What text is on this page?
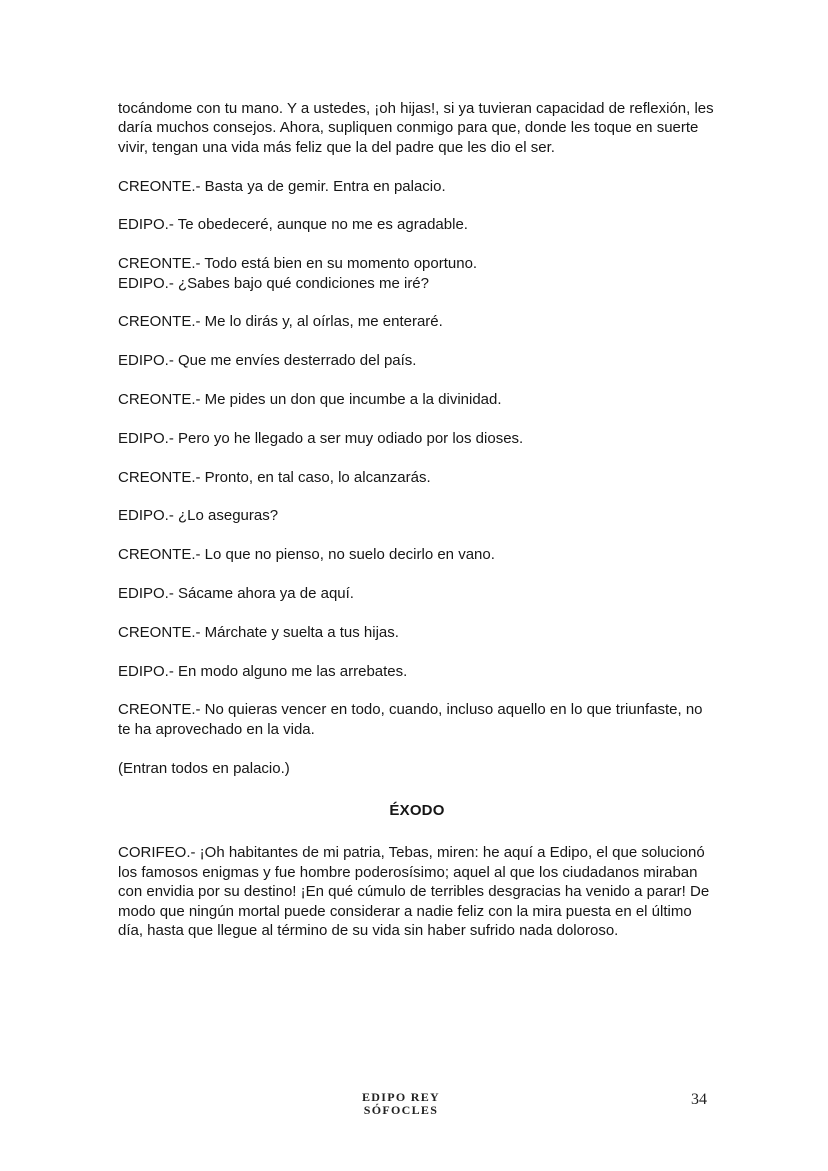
tocándome con tu mano. Y a ustedes, ¡oh hijas!, si ya tuvieran capacidad de reflexión, les daría muchos consejos. Ahora, supliquen conmigo para que, donde les toque en suerte vivir, tengan una vida más feliz que la del padre que les dio el ser.

CREONTE.- Basta ya de gemir. Entra en palacio.

EDIPO.- Te obedeceré, aunque no me es agradable.

CREONTE.- Todo está bien en su momento oportuno.

EDIPO.- ¿Sabes bajo qué condiciones me iré?

CREONTE.- Me lo dirás y, al oírlas, me enteraré.

EDIPO.- Que me envíes desterrado del país.

CREONTE.- Me pides un don que incumbe a la divinidad.

EDIPO.- Pero yo he llegado a ser muy odiado por los dioses.

CREONTE.- Pronto, en tal caso, lo alcanzarás.

EDIPO.- ¿Lo aseguras?

CREONTE.- Lo que no pienso, no suelo decirlo en vano.

EDIPO.- Sácame ahora ya de aquí.

CREONTE.- Márchate y suelta a tus hijas.

EDIPO.- En modo alguno me las arrebates.

CREONTE.- No quieras vencer en todo, cuando, incluso aquello en lo que triunfaste, no te ha aprovechado en la vida.

(Entran todos en palacio.)

ÉXODO

CORIFEO.- ¡Oh habitantes de mi patria, Tebas, miren: he aquí a Edipo, el que solucionó los famosos enigmas y fue hombre poderosísimo; aquel al que los ciudadanos miraban con envidia por su destino! ¡En qué cúmulo de terribles desgracias ha venido a parar! De modo que ningún mortal puede considerar a nadie feliz con la mira puesta en el último día, hasta que llegue al término de su vida sin haber sufrido nada doloroso.

EDIPO REY
SÓFOCLES
34
